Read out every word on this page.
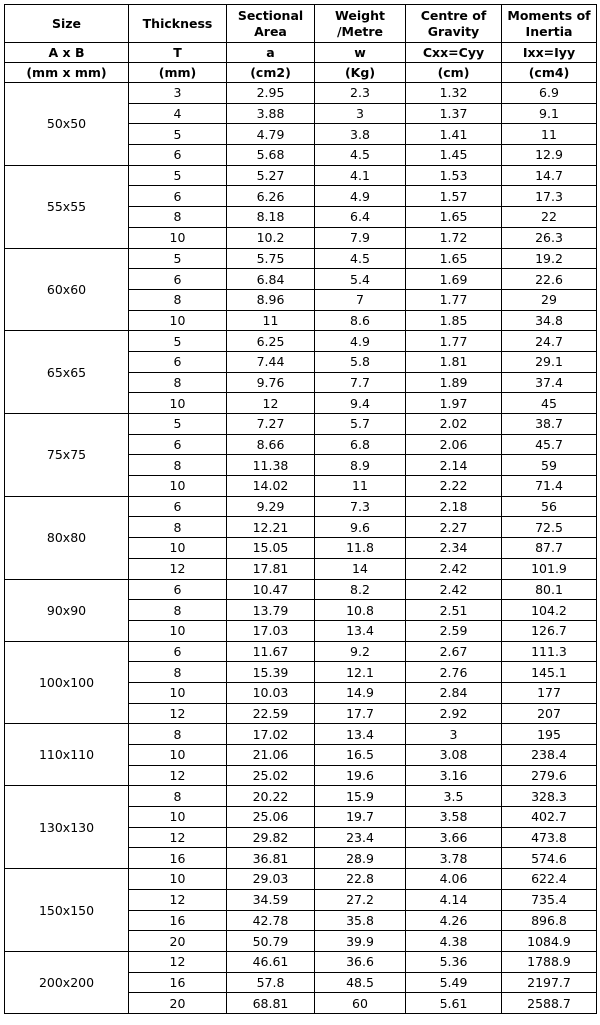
Size	Thickness	Sectional Area	Weight /Metre	Centre of Gravity	Moments of Inertia
A x B	T	a	w	Cxx=Cyy	Ixx=Iyy
(mm x mm)	(mm)	(cm2)	(Kg)	(cm)	(cm4)
50x50	3	2.95	2.3	1.32	6.9
	4	3.88	3	1.37	9.1
	5	4.79	3.8	1.41	11
	6	5.68	4.5	1.45	12.9
55x55	5	5.27	4.1	1.53	14.7
	6	6.26	4.9	1.57	17.3
	8	8.18	6.4	1.65	22
	10	10.2	7.9	1.72	26.3
60x60	5	5.75	4.5	1.65	19.2
	6	6.84	5.4	1.69	22.6
	8	8.96	7	1.77	29
	10	11	8.6	1.85	34.8
65x65	5	6.25	4.9	1.77	24.7
	6	7.44	5.8	1.81	29.1
	8	9.76	7.7	1.89	37.4
	10	12	9.4	1.97	45
75x75	5	7.27	5.7	2.02	38.7
	6	8.66	6.8	2.06	45.7
	8	11.38	8.9	2.14	59
	10	14.02	11	2.22	71.4
80x80	6	9.29	7.3	2.18	56
	8	12.21	9.6	2.27	72.5
	10	15.05	11.8	2.34	87.7
	12	17.81	14	2.42	101.9
90x90	6	10.47	8.2	2.42	80.1
	8	13.79	10.8	2.51	104.2
	10	17.03	13.4	2.59	126.7
100x100	6	11.67	9.2	2.67	111.3
	8	15.39	12.1	2.76	145.1
	10	10.03	14.9	2.84	177
	12	22.59	17.7	2.92	207
110x110	8	17.02	13.4	3	195
	10	21.06	16.5	3.08	238.4
	12	25.02	19.6	3.16	279.6
130x130	8	20.22	15.9	3.5	328.3
	10	25.06	19.7	3.58	402.7
	12	29.82	23.4	3.66	473.8
	16	36.81	28.9	3.78	574.6
150x150	10	29.03	22.8	4.06	622.4
	12	34.59	27.2	4.14	735.4
	16	42.78	35.8	4.26	896.8
	20	50.79	39.9	4.38	1084.9
200x200	12	46.61	36.6	5.36	1788.9
	16	57.8	48.5	5.49	2197.7
	20	68.81	60	5.61	2588.7
